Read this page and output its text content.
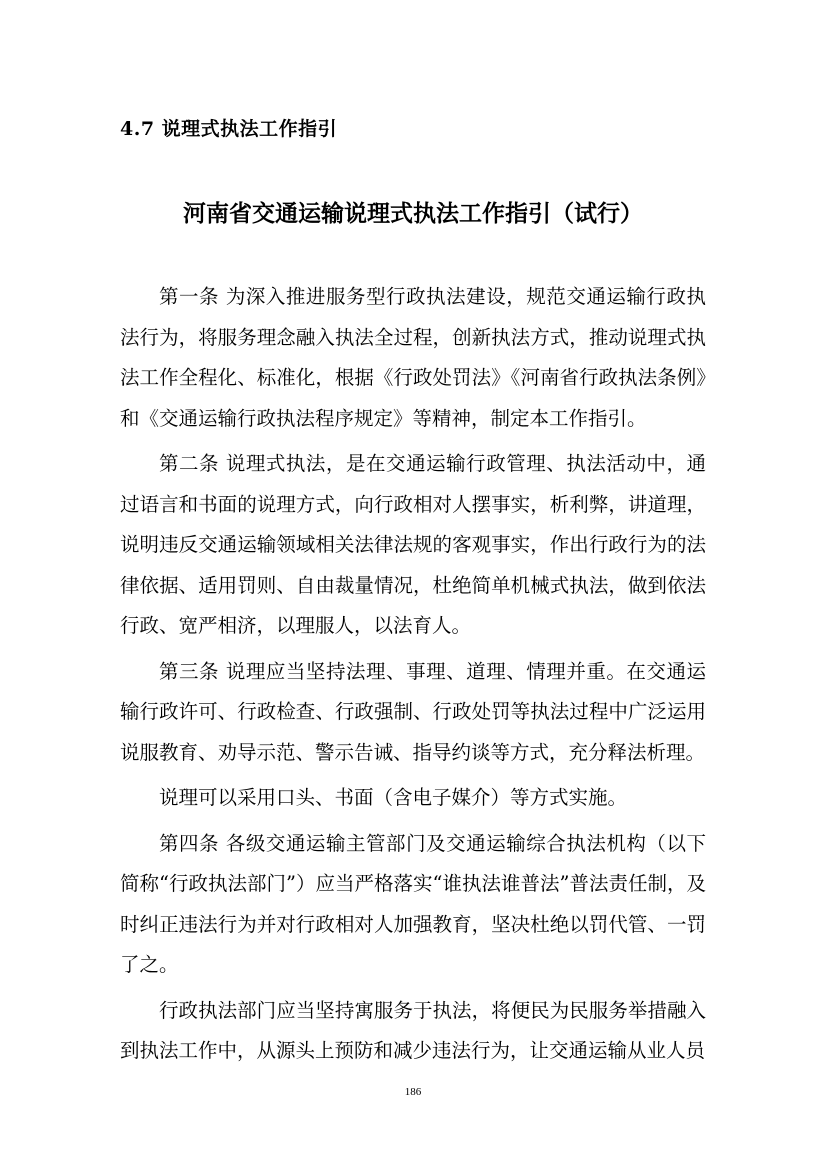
4.7 说理式执法工作指引
河南省交通运输说理式执法工作指引（试行）

第一条 为深入推进服务型行政执法建设，规范交通运输行政执法行为，将服务理念融入执法全过程，创新执法方式，推动说理式执法工作全程化、标准化，根据《行政处罚法》《河南省行政执法条例》和《交通运输行政执法程序规定》等精神，制定本工作指引。

第二条 说理式执法，是在交通运输行政管理、执法活动中，通过语言和书面的说理方式，向行政相对人摆事实，析利弊，讲道理，说明违反交通运输领域相关法律法规的客观事实，作出行政行为的法律依据、适用罚则、自由裁量情况，杜绝简单机械式执法，做到依法行政、宽严相济，以理服人，以法育人。

第三条 说理应当坚持法理、事理、道理、情理并重。在交通运输行政许可、行政检查、行政强制、行政处罚等执法过程中广泛运用说服教育、劝导示范、警示告诫、指导约谈等方式，充分释法析理。

说理可以采用口头、书面（含电子媒介）等方式实施。

第四条 各级交通运输主管部门及交通运输综合执法机构（以下简称“行政执法部门”）应当严格落实“谁执法谁普法”普法责任制，及时纠正违法行为并对行政相对人加强教育，坚决杜绝以罚代管、一罚了之。

行政执法部门应当坚持寓服务于执法，将便民为民服务举措融入到执法工作中，从源头上预防和减少违法行为，让交通运输从业人员

186
